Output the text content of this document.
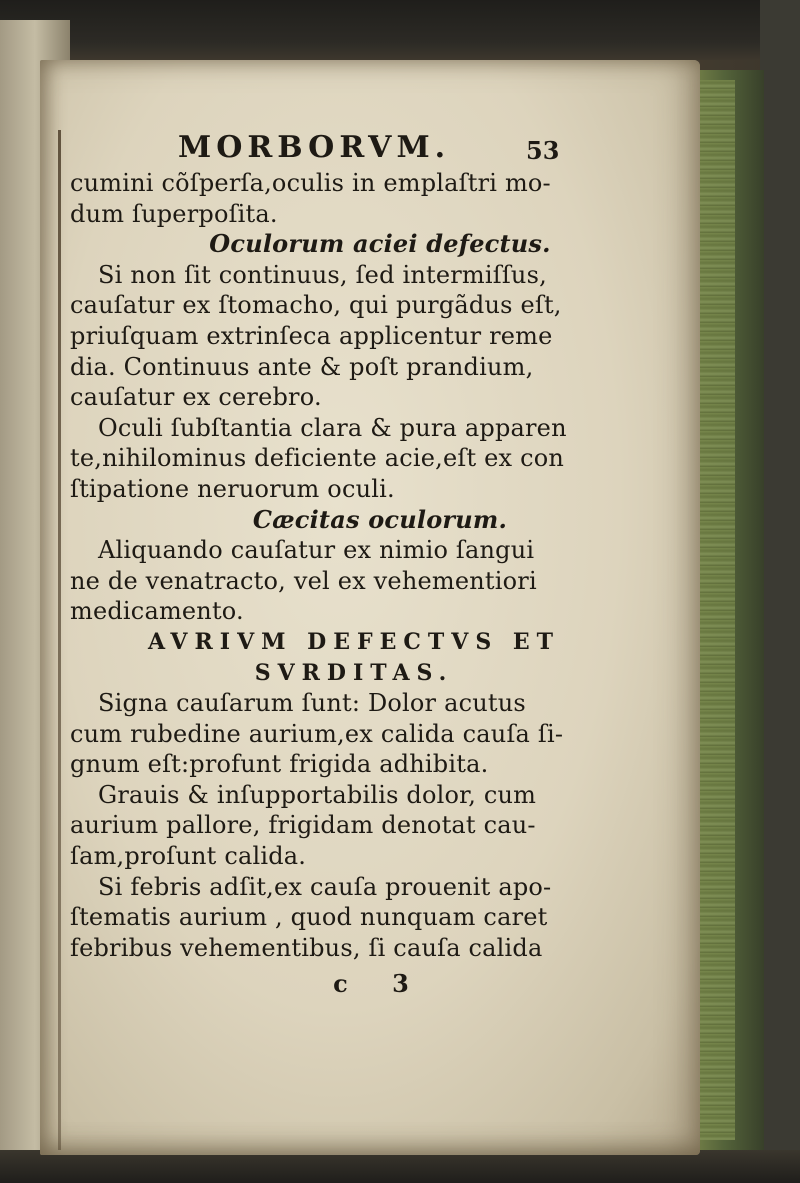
MORBORVM.	53
cumini cõſperſa,oculis in emplaſtri mo-
dum ſuperpoſita.
Oculorum aciei defectus.
Si non ſit continuus, ſed intermiſſus,
cauſatur ex ſtomacho, qui purgãdus eſt,
priuſquam extrinſeca applicentur reme
dia. Continuus ante & poſt prandium,
cauſatur ex cerebro.
Oculi ſubſtantia clara & pura apparen
te,nihilominus deficiente acie,eſt ex con
ſtipatione neruorum oculi.
Cæcitas oculorum.
Aliquando cauſatur ex nimio ſangui
ne de venatracto, vel ex vehementiori
medicamento.
AVRIVM DEFECTVS ET
SVRDITAS.
Signa cauſarum ſunt: Dolor acutus
cum rubedine aurium,ex calida cauſa ſi-
gnum eſt:profunt frigida adhibita.
Grauis & inſupportabilis dolor, cum
aurium pallore, frigidam denotat cau-
ſam,proſunt calida.
Si febris adſit,ex cauſa prouenit apo-
ſtematis aurium , quod nunquam caret
febribus vehementibus, ſi cauſa calida
c 3
